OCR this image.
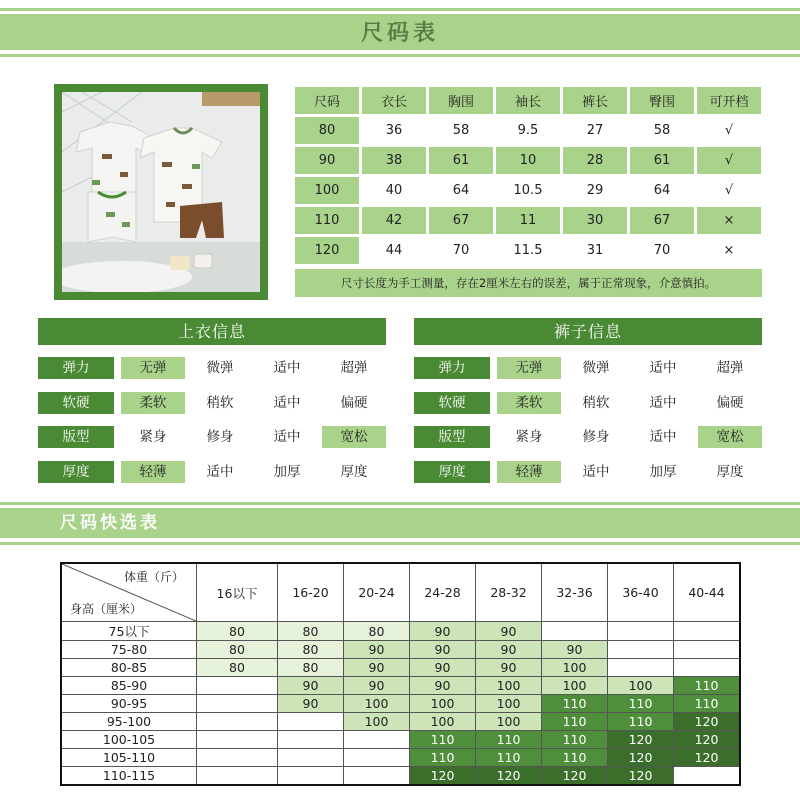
尺码表
尺码	衣长	胸围	袖长	裤长	臀围	可开档
80	36	58	9.5	27	58	√
90	38	61	10	28	61	√
100	40	64	10.5	29	64	√
110	42	67	11	30	67	×
120	44	70	11.5	31	70	×
尺寸长度为手工测量，存在2厘米左右的误差，属于正常现象，介意慎拍。
上衣信息	裤子信息
弹力	无弹	微弹	适中	超弹
软硬	柔软	稍软	适中	偏硬
版型	紧身	修身	适中	宽松
厚度	轻薄	适中	加厚	厚度
弹力	无弹	微弹	适中	超弹
软硬	柔软	稍软	适中	偏硬
版型	紧身	修身	适中	宽松
厚度	轻薄	适中	加厚	厚度
尺码快选表
体重（斤）
身高（厘米）	16以下	16-20	20-24	24-28	28-32	32-36	36-40	40-44
75以下	80	80	80	90	90			
75-80	80	80	90	90	90	90		
80-85	80	80	90	90	90	100		
85-90		90	90	90	100	100	100	110
90-95		90	100	100	100	110	110	110
95-100			100	100	100	110	110	120
100-105				110	110	110	120	120
105-110				110	110	110	120	120
110-115				120	120	120	120	
